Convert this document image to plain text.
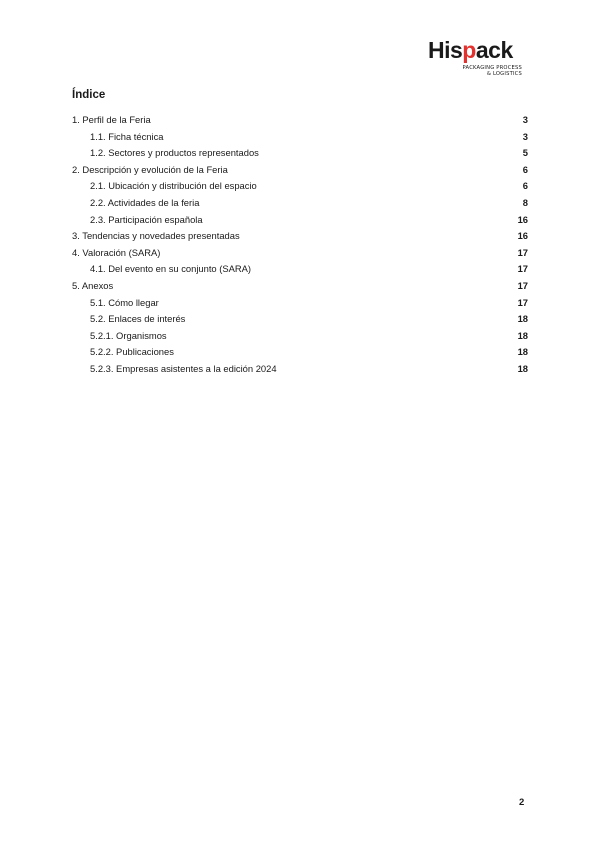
Hispack
PACKAGING PROCESS
& LOGISTICS
Índice
1. Perfil de la Feria	3
1.1. Ficha técnica	3
1.2. Sectores y productos representados	5
2. Descripción y evolución de la Feria	6
2.1. Ubicación y distribución del espacio	6
2.2. Actividades de la feria	8
2.3. Participación española	16
3. Tendencias y novedades presentadas	16
4. Valoración (SARA)	17
4.1. Del evento en su conjunto (SARA)	17
5. Anexos	17
5.1. Cómo llegar	17
5.2. Enlaces de interés	18
5.2.1. Organismos	18
5.2.2. Publicaciones	18
5.2.3. Empresas asistentes a la edición 2024	18
2
